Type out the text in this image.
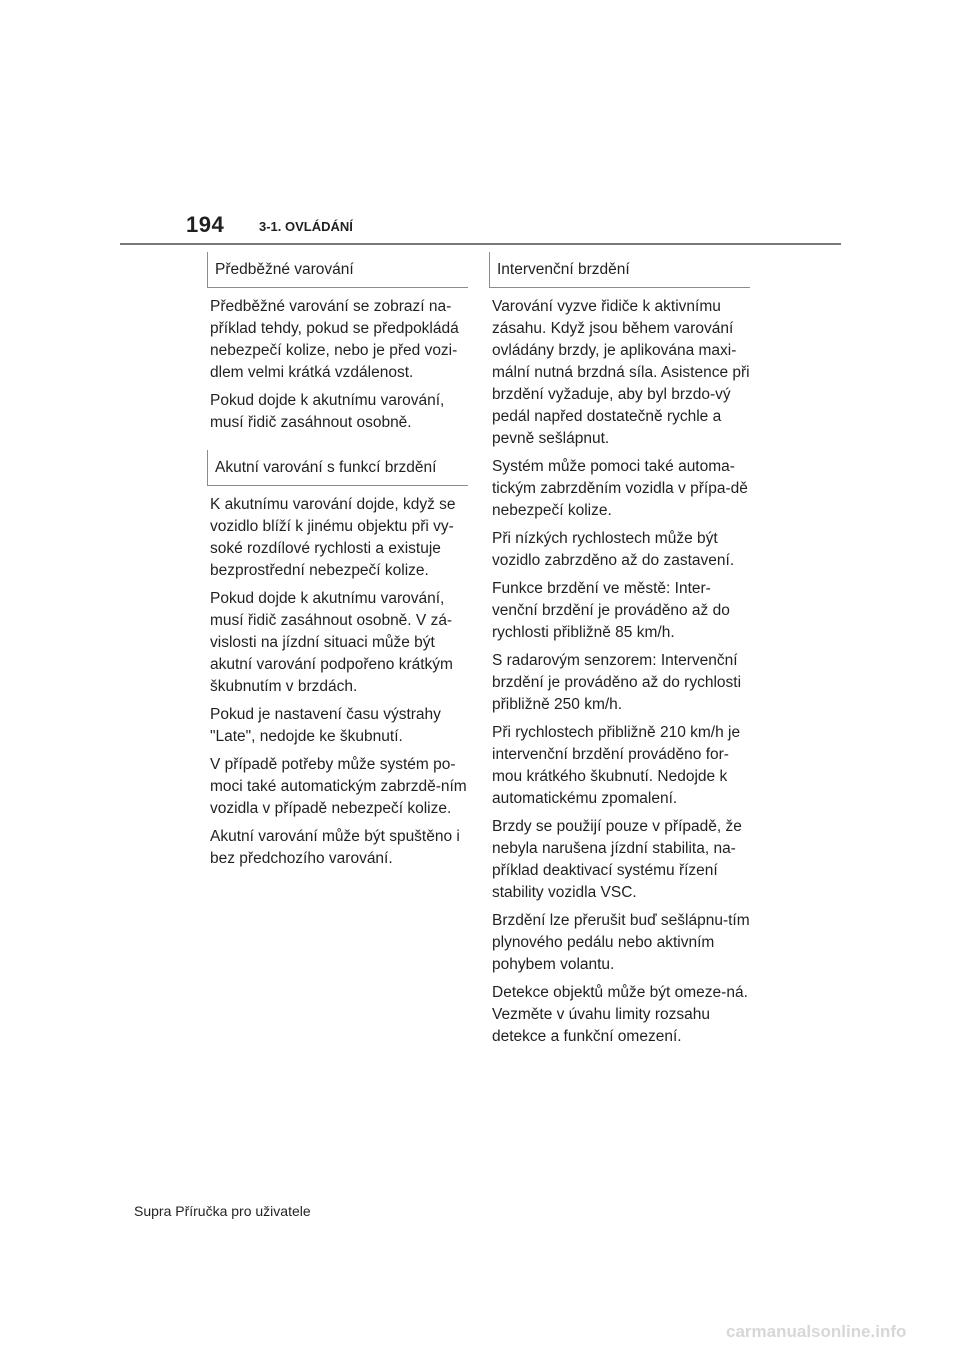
194	3-1. OVLÁDÁNÍ
Předběžné varování

Předběžné varování se zobrazí na-příklad tehdy, pokud se předpokládá nebezpečí kolize, nebo je před vozi-dlem velmi krátká vzdálenost.

Pokud dojde k akutnímu varování, musí řidič zasáhnout osobně.

Akutní varování s funkcí brzdění

K akutnímu varování dojde, když se vozidlo blíží k jinému objektu při vy-soké rozdílové rychlosti a existuje bezprostřední nebezpečí kolize.

Pokud dojde k akutnímu varování, musí řidič zasáhnout osobně. V zá-vislosti na jízdní situaci může být akutní varování podpořeno krátkým škubnutím v brzdách.

Pokud je nastavení času výstrahy "Late", nedojde ke škubnutí.

V případě potřeby může systém po-moci také automatickým zabrzdě-ním vozidla v případě nebezpečí kolize.

Akutní varování může být spuštěno i bez předchozího varování.

Intervenční brzdění

Varování vyzve řidiče k aktivnímu zásahu. Když jsou během varování ovládány brzdy, je aplikována maxi-mální nutná brzdná síla. Asistence při brzdění vyžaduje, aby byl brzdo-vý pedál napřed dostatečně rychle a pevně sešlápnut.

Systém může pomoci také automa-tickým zabrzděním vozidla v přípa-dě nebezpečí kolize.

Při nízkých rychlostech může být vozidlo zabrzděno až do zastavení.

Funkce brzdění ve městě: Inter-venční brzdění je prováděno až do rychlosti přibližně 85 km/h.

S radarovým senzorem: Intervenční brzdění je prováděno až do rychlosti přibližně 250 km/h.

Při rychlostech přibližně 210 km/h je intervenční brzdění prováděno for-mou krátkého škubnutí. Nedojde k automatickému zpomalení.

Brzdy se použijí pouze v případě, že nebyla narušena jízdní stabilita, na-příklad deaktivací systému řízení stability vozidla VSC.

Brzdění lze přerušit buď sešlápnu-tím plynového pedálu nebo aktivním pohybem volantu.

Detekce objektů může být omeze-ná. Vezměte v úvahu limity rozsahu detekce a funkční omezení.

Supra Příručka pro uživatele
carmanualsonline.info
